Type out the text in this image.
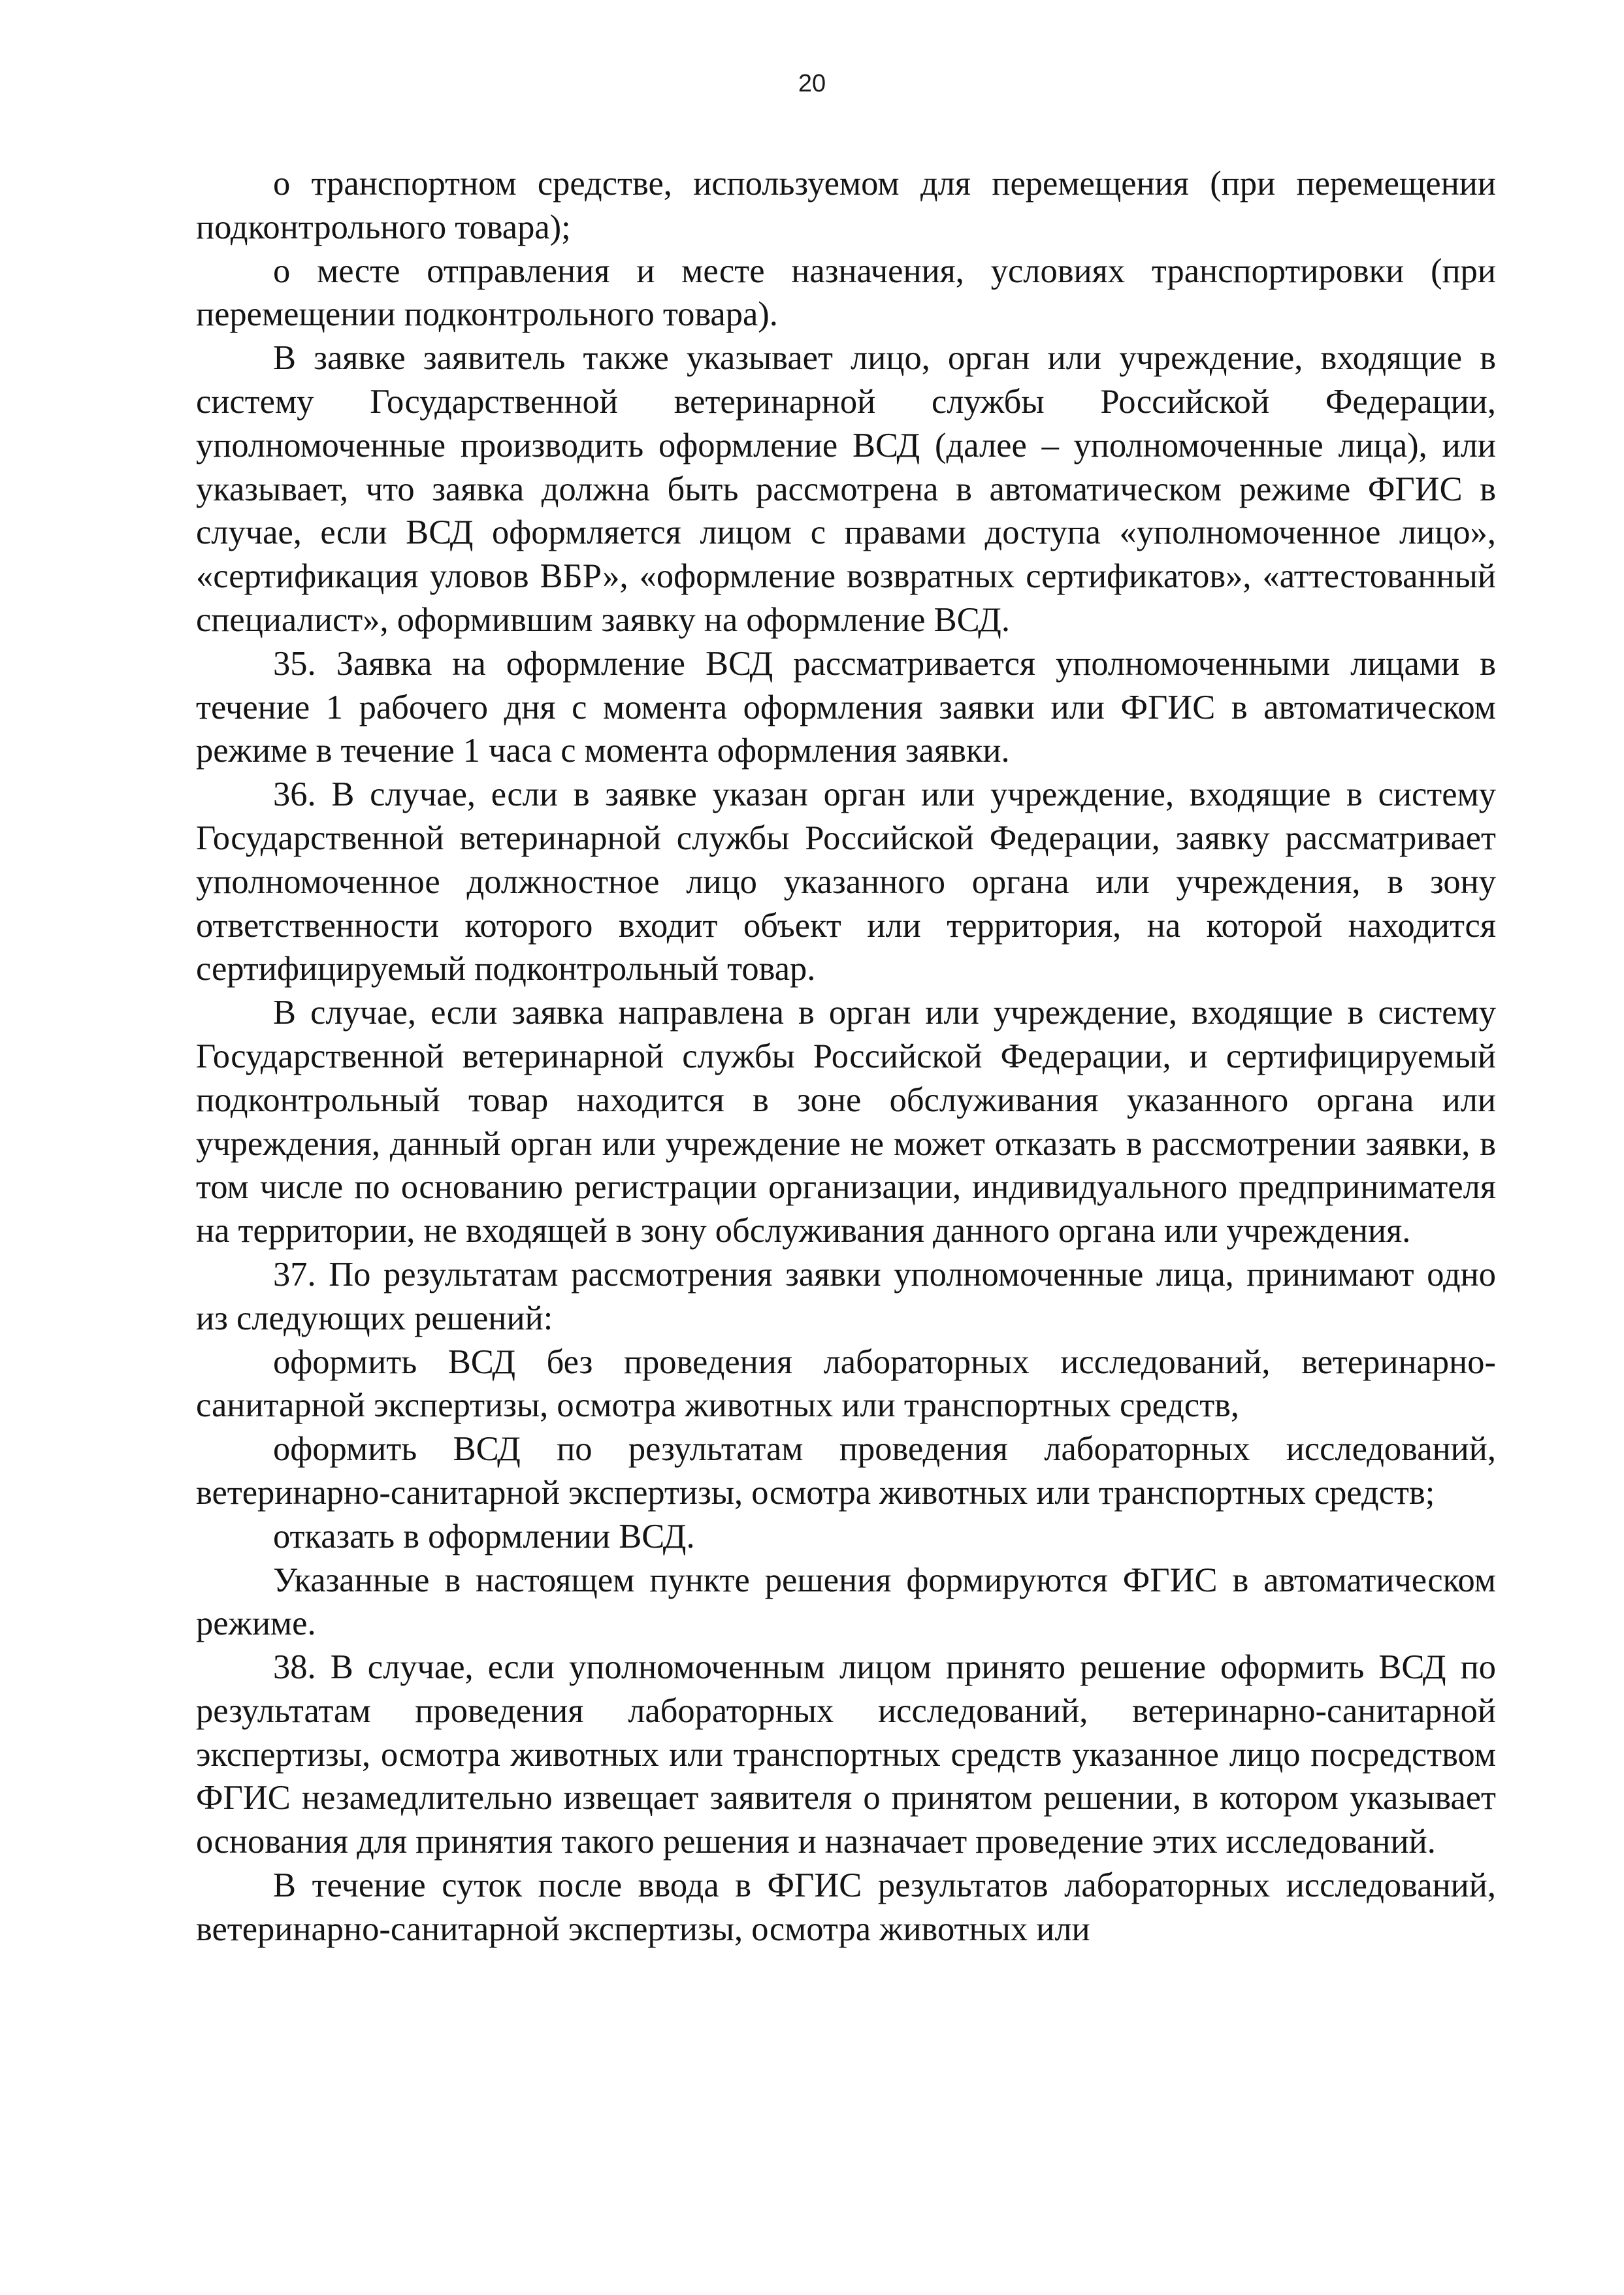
20

о транспортном средстве, используемом для перемещения (при перемещении подконтрольного товара);

о месте отправления и месте назначения, условиях транспортировки (при перемещении подконтрольного товара).

В заявке заявитель также указывает лицо, орган или учреждение, входящие в систему Государственной ветеринарной службы Российской Федерации, уполномоченные производить оформление ВСД (далее – уполномоченные лица), или указывает, что заявка должна быть рассмотрена в автоматическом режиме ФГИС в случае, если ВСД оформляется лицом с правами доступа «уполномоченное лицо», «сертификация уловов ВБР», «оформление возвратных сертификатов», «аттестованный специалист», оформившим заявку на оформление ВСД.

35. Заявка на оформление ВСД рассматривается уполномоченными лицами в течение 1 рабочего дня с момента оформления заявки или ФГИС в автоматическом режиме в течение 1 часа с момента оформления заявки.

36. В случае, если в заявке указан орган или учреждение, входящие в систему Государственной ветеринарной службы Российской Федерации, заявку рассматривает уполномоченное должностное лицо указанного органа или учреждения, в зону ответственности которого входит объект или территория, на которой находится сертифицируемый подконтрольный товар.

В случае, если заявка направлена в орган или учреждение, входящие в систему Государственной ветеринарной службы Российской Федерации, и сертифицируемый подконтрольный товар находится в зоне обслуживания указанного органа или учреждения, данный орган или учреждение не может отказать в рассмотрении заявки, в том числе по основанию регистрации организации, индивидуального предпринимателя на территории, не входящей в зону обслуживания данного органа или учреждения.

37. По результатам рассмотрения заявки уполномоченные лица, принимают одно из следующих решений:

оформить ВСД без проведения лабораторных исследований, ветеринарно-санитарной экспертизы, осмотра животных или транспортных средств,

оформить ВСД по результатам проведения лабораторных исследований, ветеринарно-санитарной экспертизы, осмотра животных или транспортных средств;

отказать в оформлении ВСД.

Указанные в настоящем пункте решения формируются ФГИС в автоматическом режиме.

38. В случае, если уполномоченным лицом принято решение оформить ВСД по результатам проведения лабораторных исследований, ветеринарно-санитарной экспертизы, осмотра животных или транспортных средств указанное лицо посредством ФГИС незамедлительно извещает заявителя о принятом решении, в котором указывает основания для принятия такого решения и назначает проведение этих исследований.

В течение суток после ввода в ФГИС результатов лабораторных исследований, ветеринарно-санитарной экспертизы, осмотра животных или
